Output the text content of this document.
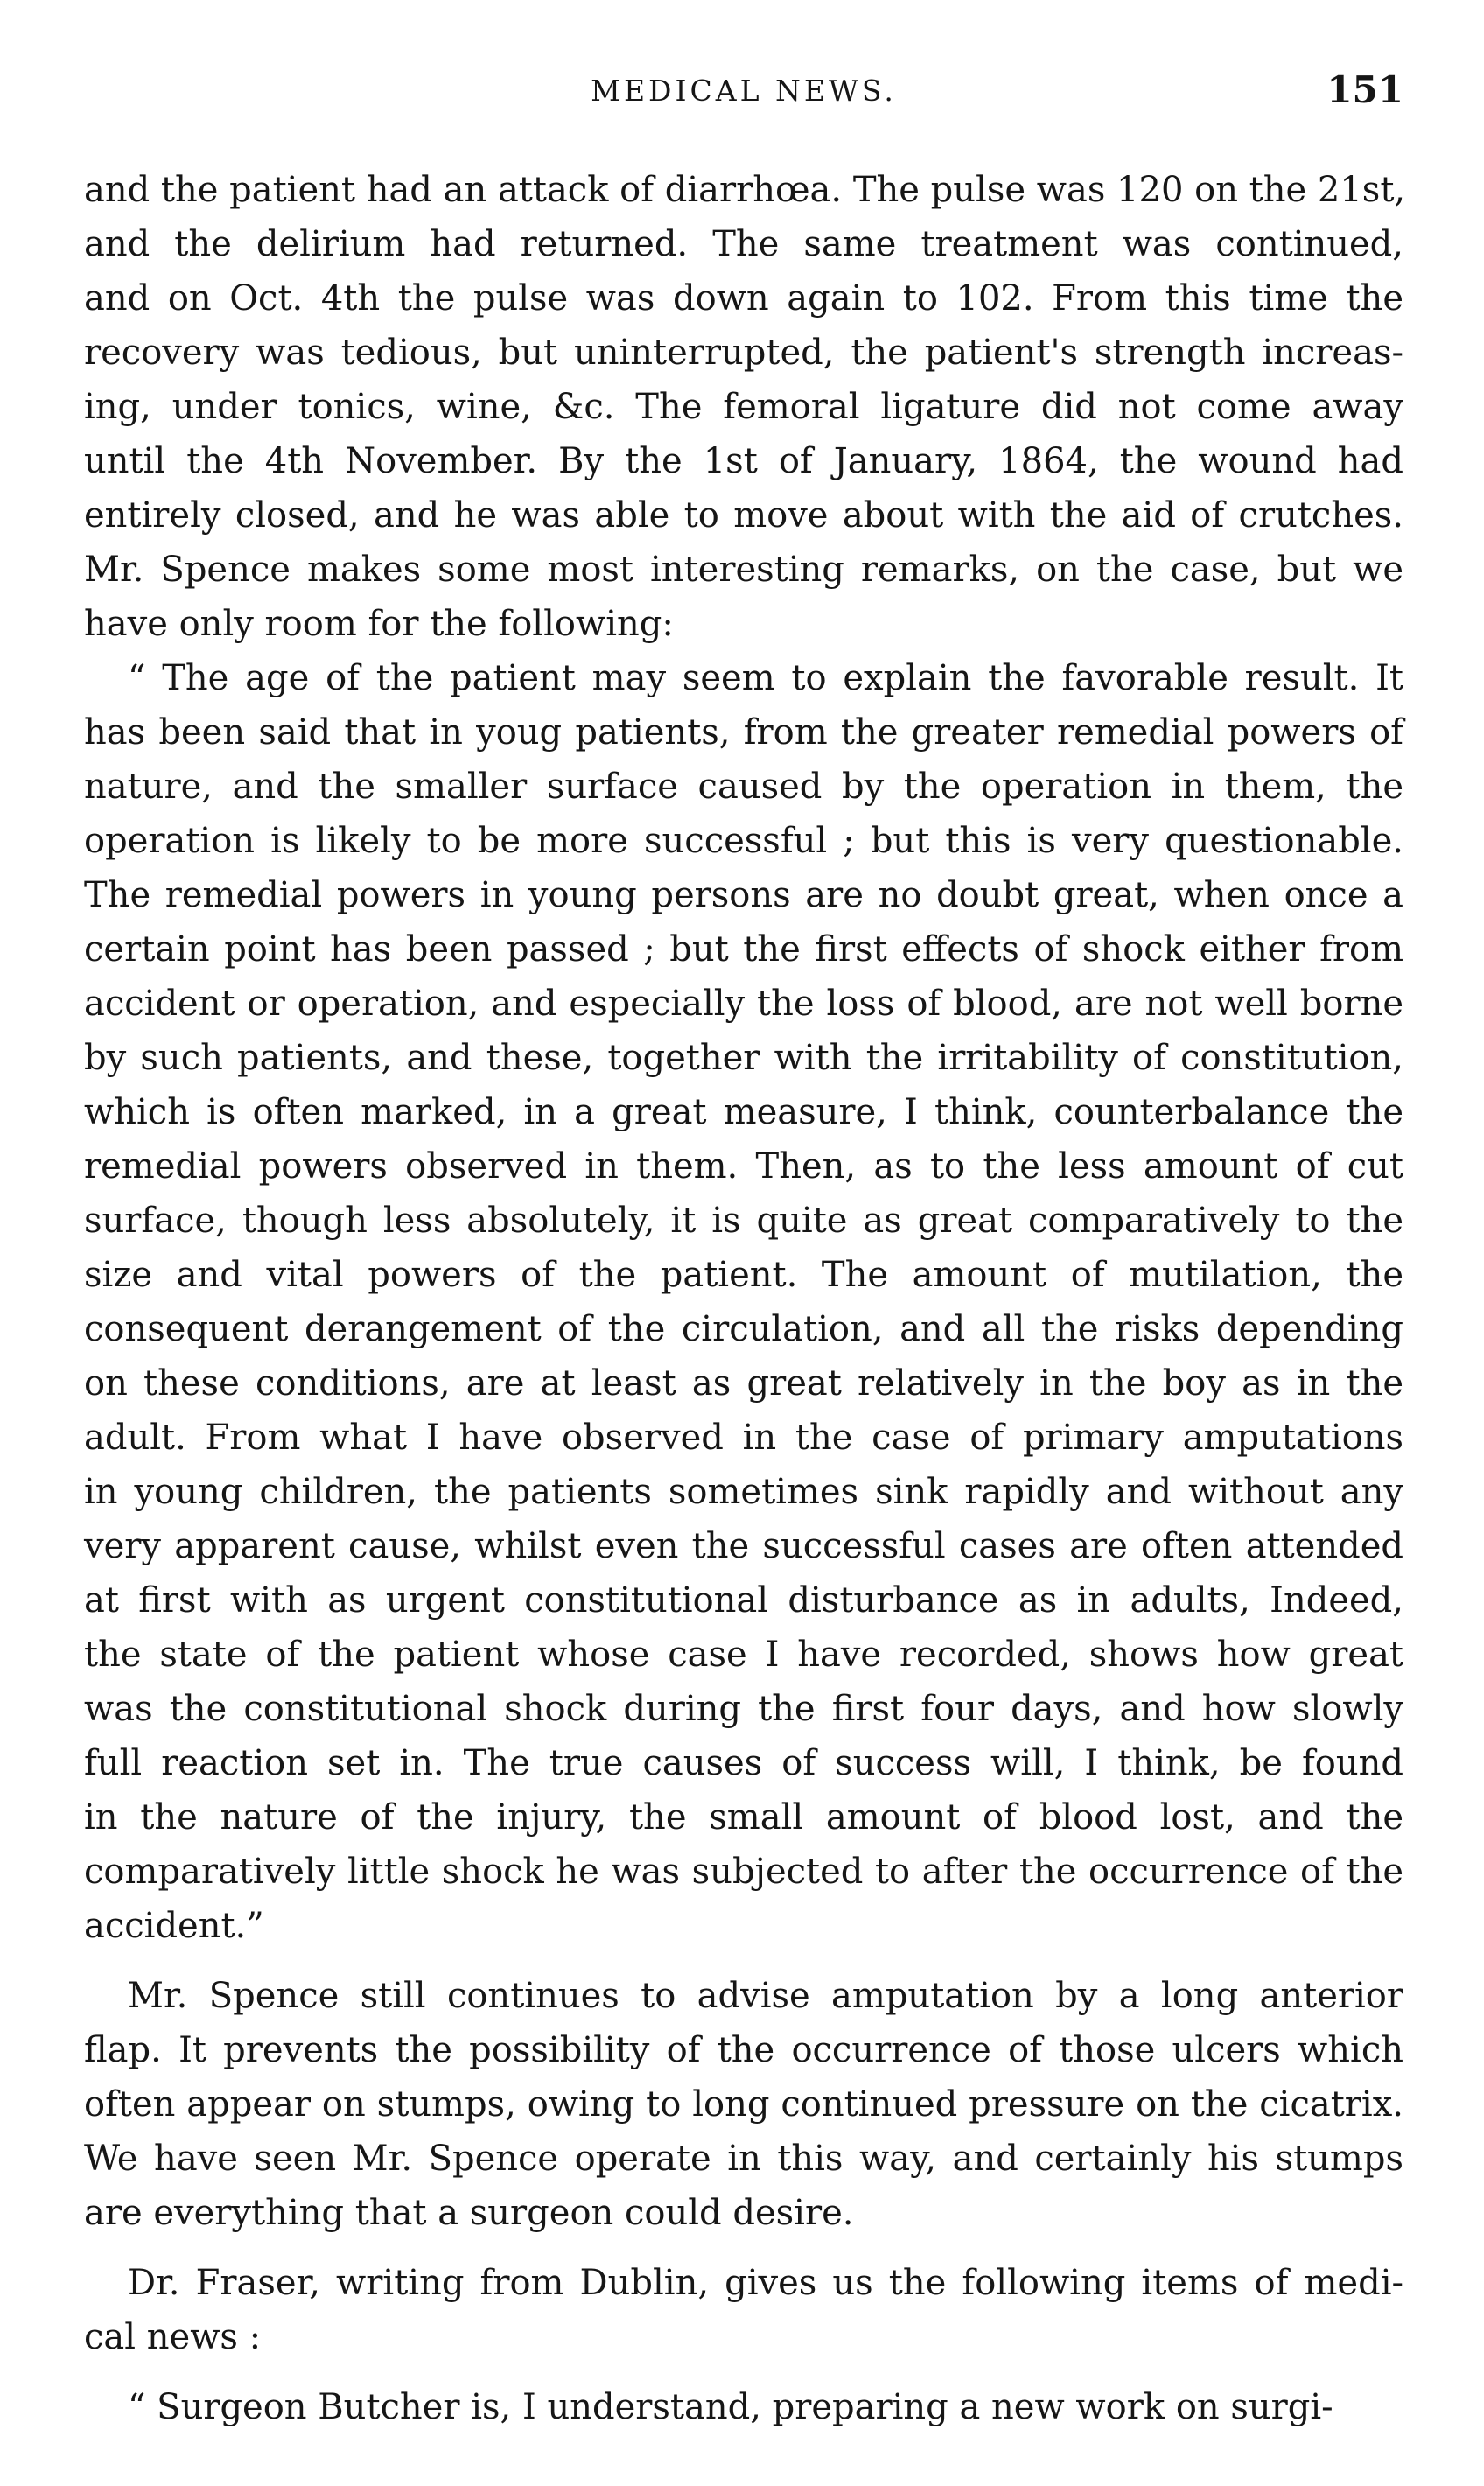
MEDICAL NEWS.	151
and the patient had an attack of diarrhœa. The pulse was 120 on the 21st,
and the delirium had returned. The same treatment was continued,
and on Oct. 4th the pulse was down again to 102. From this time the
recovery was tedious, but uninterrupted, the patient's strength increas-
ing, under tonics, wine, &c. The femoral ligature did not come away
until the 4th November. By the 1st of January, 1864, the wound had
entirely closed, and he was able to move about with the aid of crutches.
Mr. Spence makes some most interesting remarks, on the case, but we
have only room for the following:
“ The age of the patient may seem to explain the favorable result. It
has been said that in youg patients, from the greater remedial powers of
nature, and the smaller surface caused by the operation in them, the
operation is likely to be more successful ; but this is very questionable.
The remedial powers in young persons are no doubt great, when once a
certain point has been passed ; but the first effects of shock either from
accident or operation, and especially the loss of blood, are not well borne
by such patients, and these, together with the irritability of constitution,
which is often marked, in a great measure, I think, counterbalance the
remedial powers observed in them. Then, as to the less amount of cut
surface, though less absolutely, it is quite as great comparatively to the
size and vital powers of the patient. The amount of mutilation, the
consequent derangement of the circulation, and all the risks depending
on these conditions, are at least as great relatively in the boy as in the
adult. From what I have observed in the case of primary amputations
in young children, the patients sometimes sink rapidly and without any
very apparent cause, whilst even the successful cases are often attended
at first with as urgent constitutional disturbance as in adults, Indeed,
the state of the patient whose case I have recorded, shows how great
was the constitutional shock during the first four days, and how slowly
full reaction set in. The true causes of success will, I think, be found
in the nature of the injury, the small amount of blood lost, and the
comparatively little shock he was subjected to after the occurrence of the
accident.”
Mr. Spence still continues to advise amputation by a long anterior
flap. It prevents the possibility of the occurrence of those ulcers which
often appear on stumps, owing to long continued pressure on the cicatrix.
We have seen Mr. Spence operate in this way, and certainly his stumps
are everything that a surgeon could desire.
Dr. Fraser, writing from Dublin, gives us the following items of medi-
cal news :
“ Surgeon Butcher is, I understand, preparing a new work on surgi-
